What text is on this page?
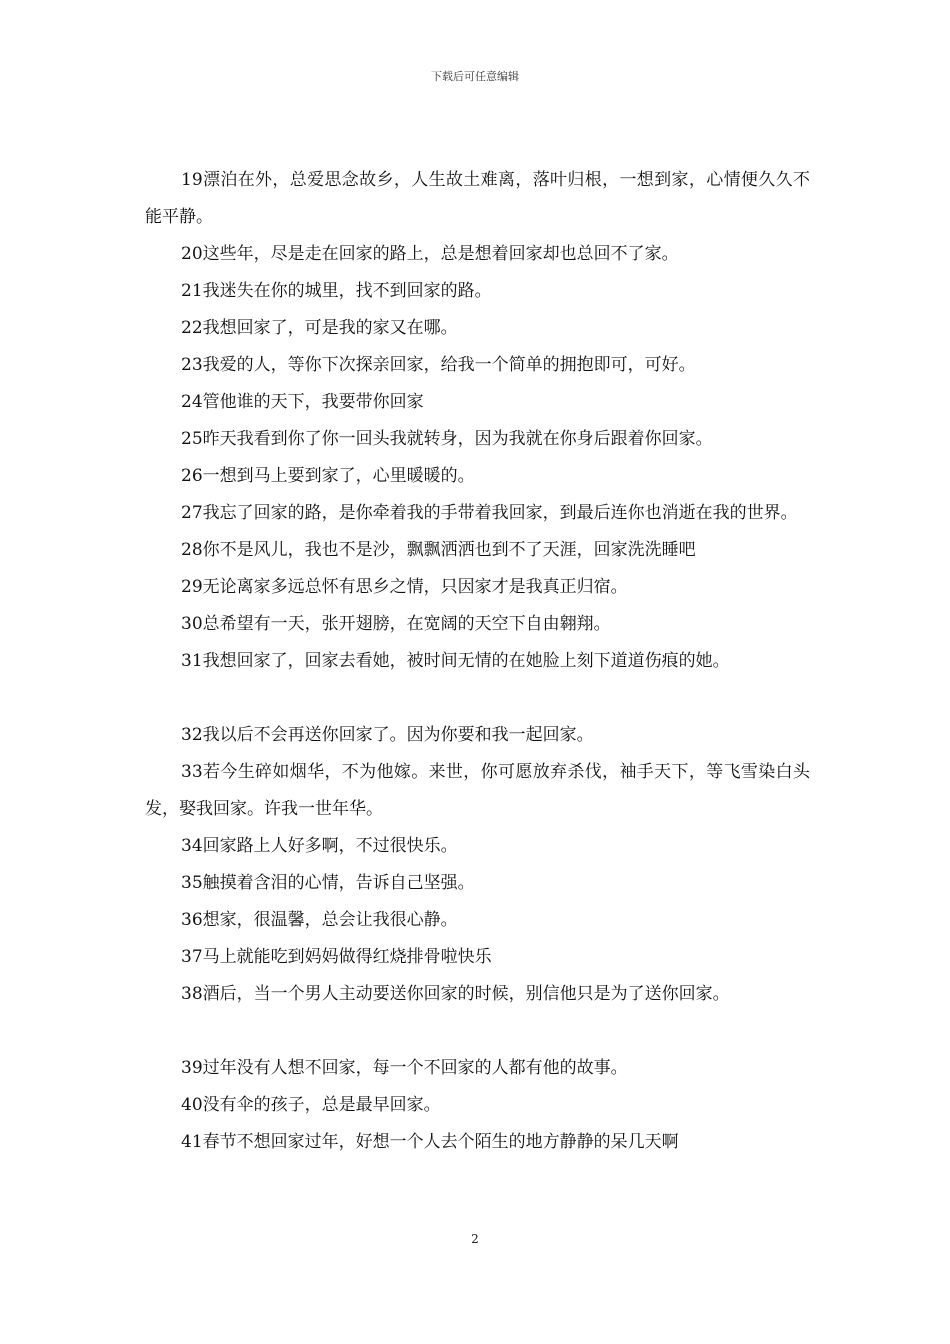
下载后可任意编辑

19漂泊在外，总爱思念故乡，人生故土难离，落叶归根，一想到家，心情便久久不能平静。

20这些年，尽是走在回家的路上，总是想着回家却也总回不了家。

21我迷失在你的城里，找不到回家的路。

22我想回家了，可是我的家又在哪。

23我爱的人，等你下次探亲回家，给我一个简单的拥抱即可，可好。

24管他谁的天下，我要带你回家

25昨天我看到你了你一回头我就转身，因为我就在你身后跟着你回家。

26一想到马上要到家了，心里暖暖的。

27我忘了回家的路，是你牵着我的手带着我回家，到最后连你也消逝在我的世界。

28你不是风儿，我也不是沙，飘飘洒洒也到不了天涯，回家洗洗睡吧

29无论离家多远总怀有思乡之情，只因家才是我真正归宿。

30总希望有一天，张开翅膀，在宽阔的天空下自由翱翔。

31我想回家了，回家去看她，被时间无情的在她脸上刻下道道伤痕的她。

32我以后不会再送你回家了。因为你要和我一起回家。

33若今生碎如烟华，不为他嫁。来世，你可愿放弃杀伐，袖手天下，等飞雪染白头发，娶我回家。许我一世年华。

34回家路上人好多啊，不过很快乐。

35触摸着含泪的心情，告诉自己坚强。

36想家，很温馨，总会让我很心静。

37马上就能吃到妈妈做得红烧排骨啦快乐

38酒后，当一个男人主动要送你回家的时候，别信他只是为了送你回家。

39过年没有人想不回家，每一个不回家的人都有他的故事。

40没有伞的孩子，总是最早回家。

41春节不想回家过年，好想一个人去个陌生的地方静静的呆几天啊

2
